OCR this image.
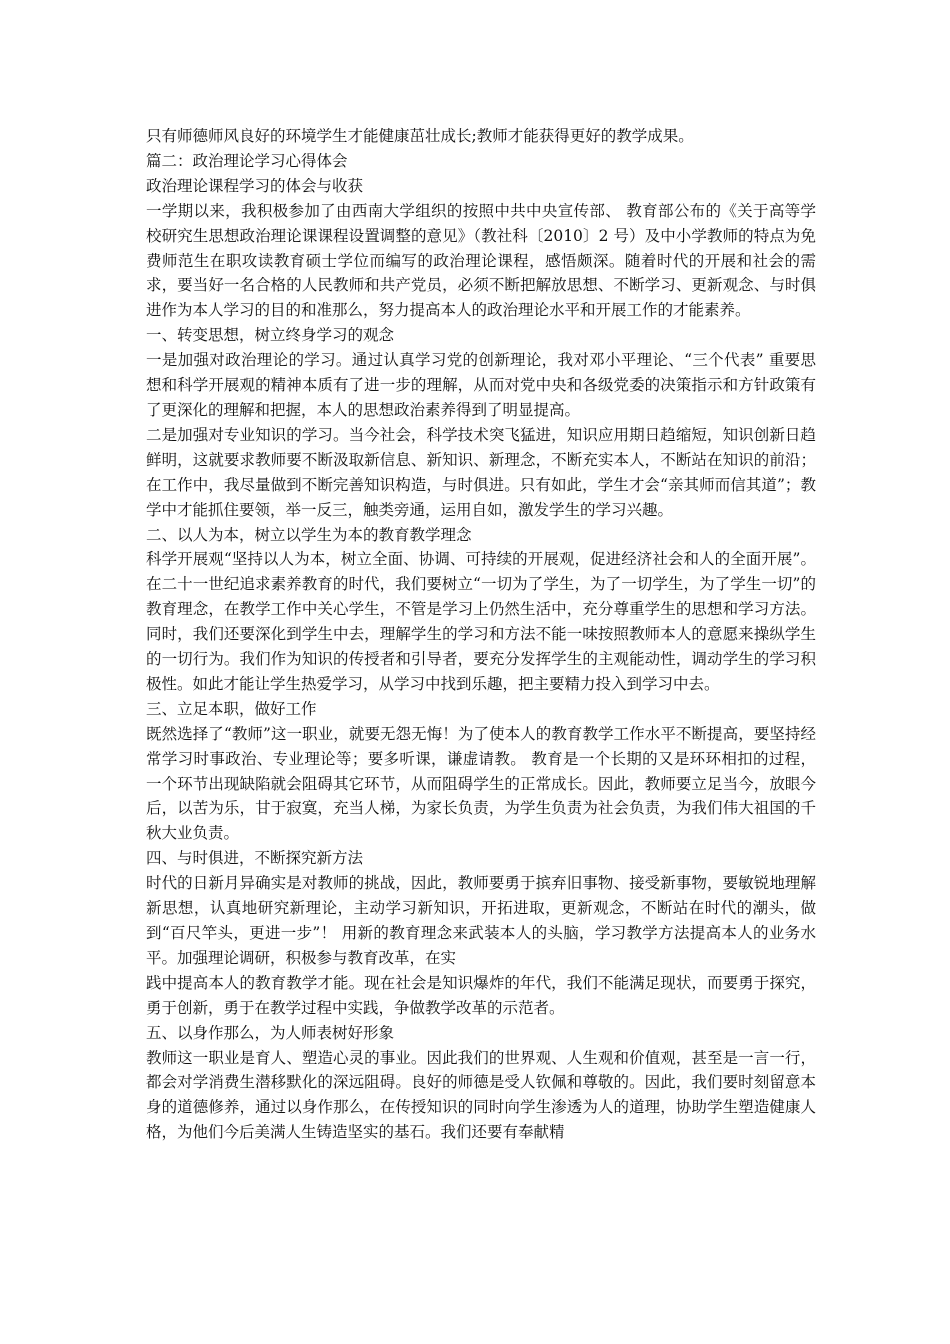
只有师德师风良好的环境学生才能健康茁壮成长;教师才能获得更好的教学成果。

篇二：政治理论学习心得体会

政治理论课程学习的体会与收获

一学期以来，我积极参加了由西南大学组织的按照中共中央宣传部、 教育部公布的《关于高等学校研究生思想政治理论课课程设置调整的意见》（教社科〔2010〕2 号）及中小学教师的特点为免费师范生在职攻读教育硕士学位而编写的政治理论课程，感悟颇深。随着时代的开展和社会的需求，要当好一名合格的人民教师和共产党员，必须不断把解放思想、不断学习、更新观念、与时俱进作为本人学习的目的和准那么，努力提高本人的政治理论水平和开展工作的才能素养。

一、转变思想，树立终身学习的观念

一是加强对政治理论的学习。通过认真学习党的创新理论，我对邓小平理论、“三个代表” 重要思想和科学开展观的精神本质有了进一步的理解，从而对党中央和各级党委的决策指示和方针政策有了更深化的理解和把握，本人的思想政治素养得到了明显提高。

二是加强对专业知识的学习。当今社会，科学技术突飞猛进，知识应用期日趋缩短，知识创新日趋鲜明，这就要求教师要不断汲取新信息、新知识、新理念，不断充实本人，不断站在知识的前沿；在工作中，我尽量做到不断完善知识构造，与时俱进。只有如此，学生才会“亲其师而信其道”；教学中才能抓住要领，举一反三，触类旁通，运用自如，激发学生的学习兴趣。

二、以人为本，树立以学生为本的教育教学理念

科学开展观“坚持以人为本，树立全面、协调、可持续的开展观，促进经济社会和人的全面开展”。在二十一世纪追求素养教育的时代，我们要树立“一切为了学生，为了一切学生，为了学生一切”的教育理念，在教学工作中关心学生，不管是学习上仍然生活中，充分尊重学生的思想和学习方法。同时，我们还要深化到学生中去，理解学生的学习和方法不能一味按照教师本人的意愿来操纵学生的一切行为。我们作为知识的传授者和引导者，要充分发挥学生的主观能动性，调动学生的学习积极性。如此才能让学生热爱学习，从学习中找到乐趣，把主要精力投入到学习中去。

三、立足本职，做好工作

既然选择了“教师”这一职业，就要无怨无悔！为了使本人的教育教学工作水平不断提高，要坚持经常学习时事政治、专业理论等；要多听课，谦虚请教。 教育是一个长期的又是环环相扣的过程，一个环节出现缺陷就会阻碍其它环节，从而阻碍学生的正常成长。因此，教师要立足当今，放眼今后，以苦为乐，甘于寂寞，充当人梯，为家长负责，为学生负责为社会负责，为我们伟大祖国的千秋大业负责。

四、与时俱进，不断探究新方法

时代的日新月异确实是对教师的挑战，因此，教师要勇于摈弃旧事物、接受新事物，要敏锐地理解新思想，认真地研究新理论，主动学习新知识，开拓进取，更新观念，不断站在时代的潮头，做到“百尺竿头，更进一步”！ 用新的教育理念来武装本人的头脑，学习教学方法提高本人的业务水平。加强理论调研，积极参与教育改革，在实

践中提高本人的教育教学才能。现在社会是知识爆炸的年代，我们不能满足现状，而要勇于探究，勇于创新，勇于在教学过程中实践，争做教学改革的示范者。

五、以身作那么，为人师表树好形象

教师这一职业是育人、塑造心灵的事业。因此我们的世界观、人生观和价值观，甚至是一言一行，都会对学消费生潜移默化的深远阻碍。良好的师德是受人钦佩和尊敬的。因此，我们要时刻留意本身的道德修养，通过以身作那么，在传授知识的同时向学生渗透为人的道理，协助学生塑造健康人格，为他们今后美满人生铸造坚实的基石。我们还要有奉献精
